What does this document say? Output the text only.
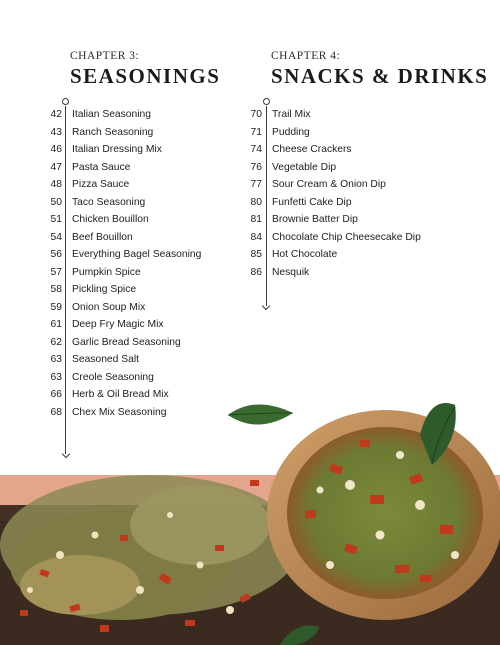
CHAPTER 3:
SEASONINGS
42 Italian Seasoning
43 Ranch Seasoning
46 Italian Dressing Mix
47 Pasta Sauce
48 Pizza Sauce
50 Taco Seasoning
51 Chicken Bouillon
54 Beef Bouillon
56 Everything Bagel Seasoning
57 Pumpkin Spice
58 Pickling Spice
59 Onion Soup Mix
61 Deep Fry Magic Mix
62 Garlic Bread Seasoning
63 Seasoned Salt
63 Creole Seasoning
66 Herb & Oil Bread Mix
68 Chex Mix Seasoning
CHAPTER 4:
SNACKS & DRINKS
70 Trail Mix
71 Pudding
74 Cheese Crackers
76 Vegetable Dip
77 Sour Cream & Onion Dip
80 Funfetti Cake Dip
81 Brownie Batter Dip
84 Chocolate Chip Cheesecake Dip
85 Hot Chocolate
86 Nesquik
